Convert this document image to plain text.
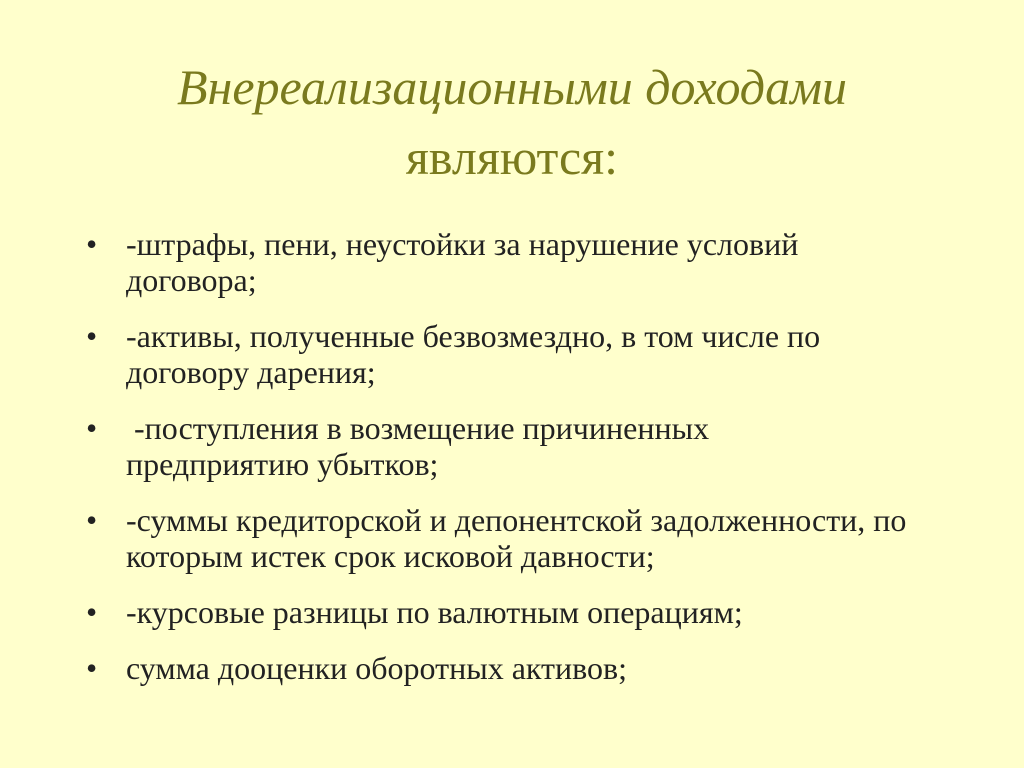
Внереализационными доходами
являются:
• -штрафы, пени, неустойки за нарушение условий договора;
• -активы, полученные безвозмездно, в том числе по договору дарения;
• -поступления в возмещение причиненных предприятию убытков;
• -суммы кредиторской и депонентской задолженности, по которым истек срок исковой давности;
• -курсовые разницы по валютным операциям;
• сумма дооценки оборотных активов;
